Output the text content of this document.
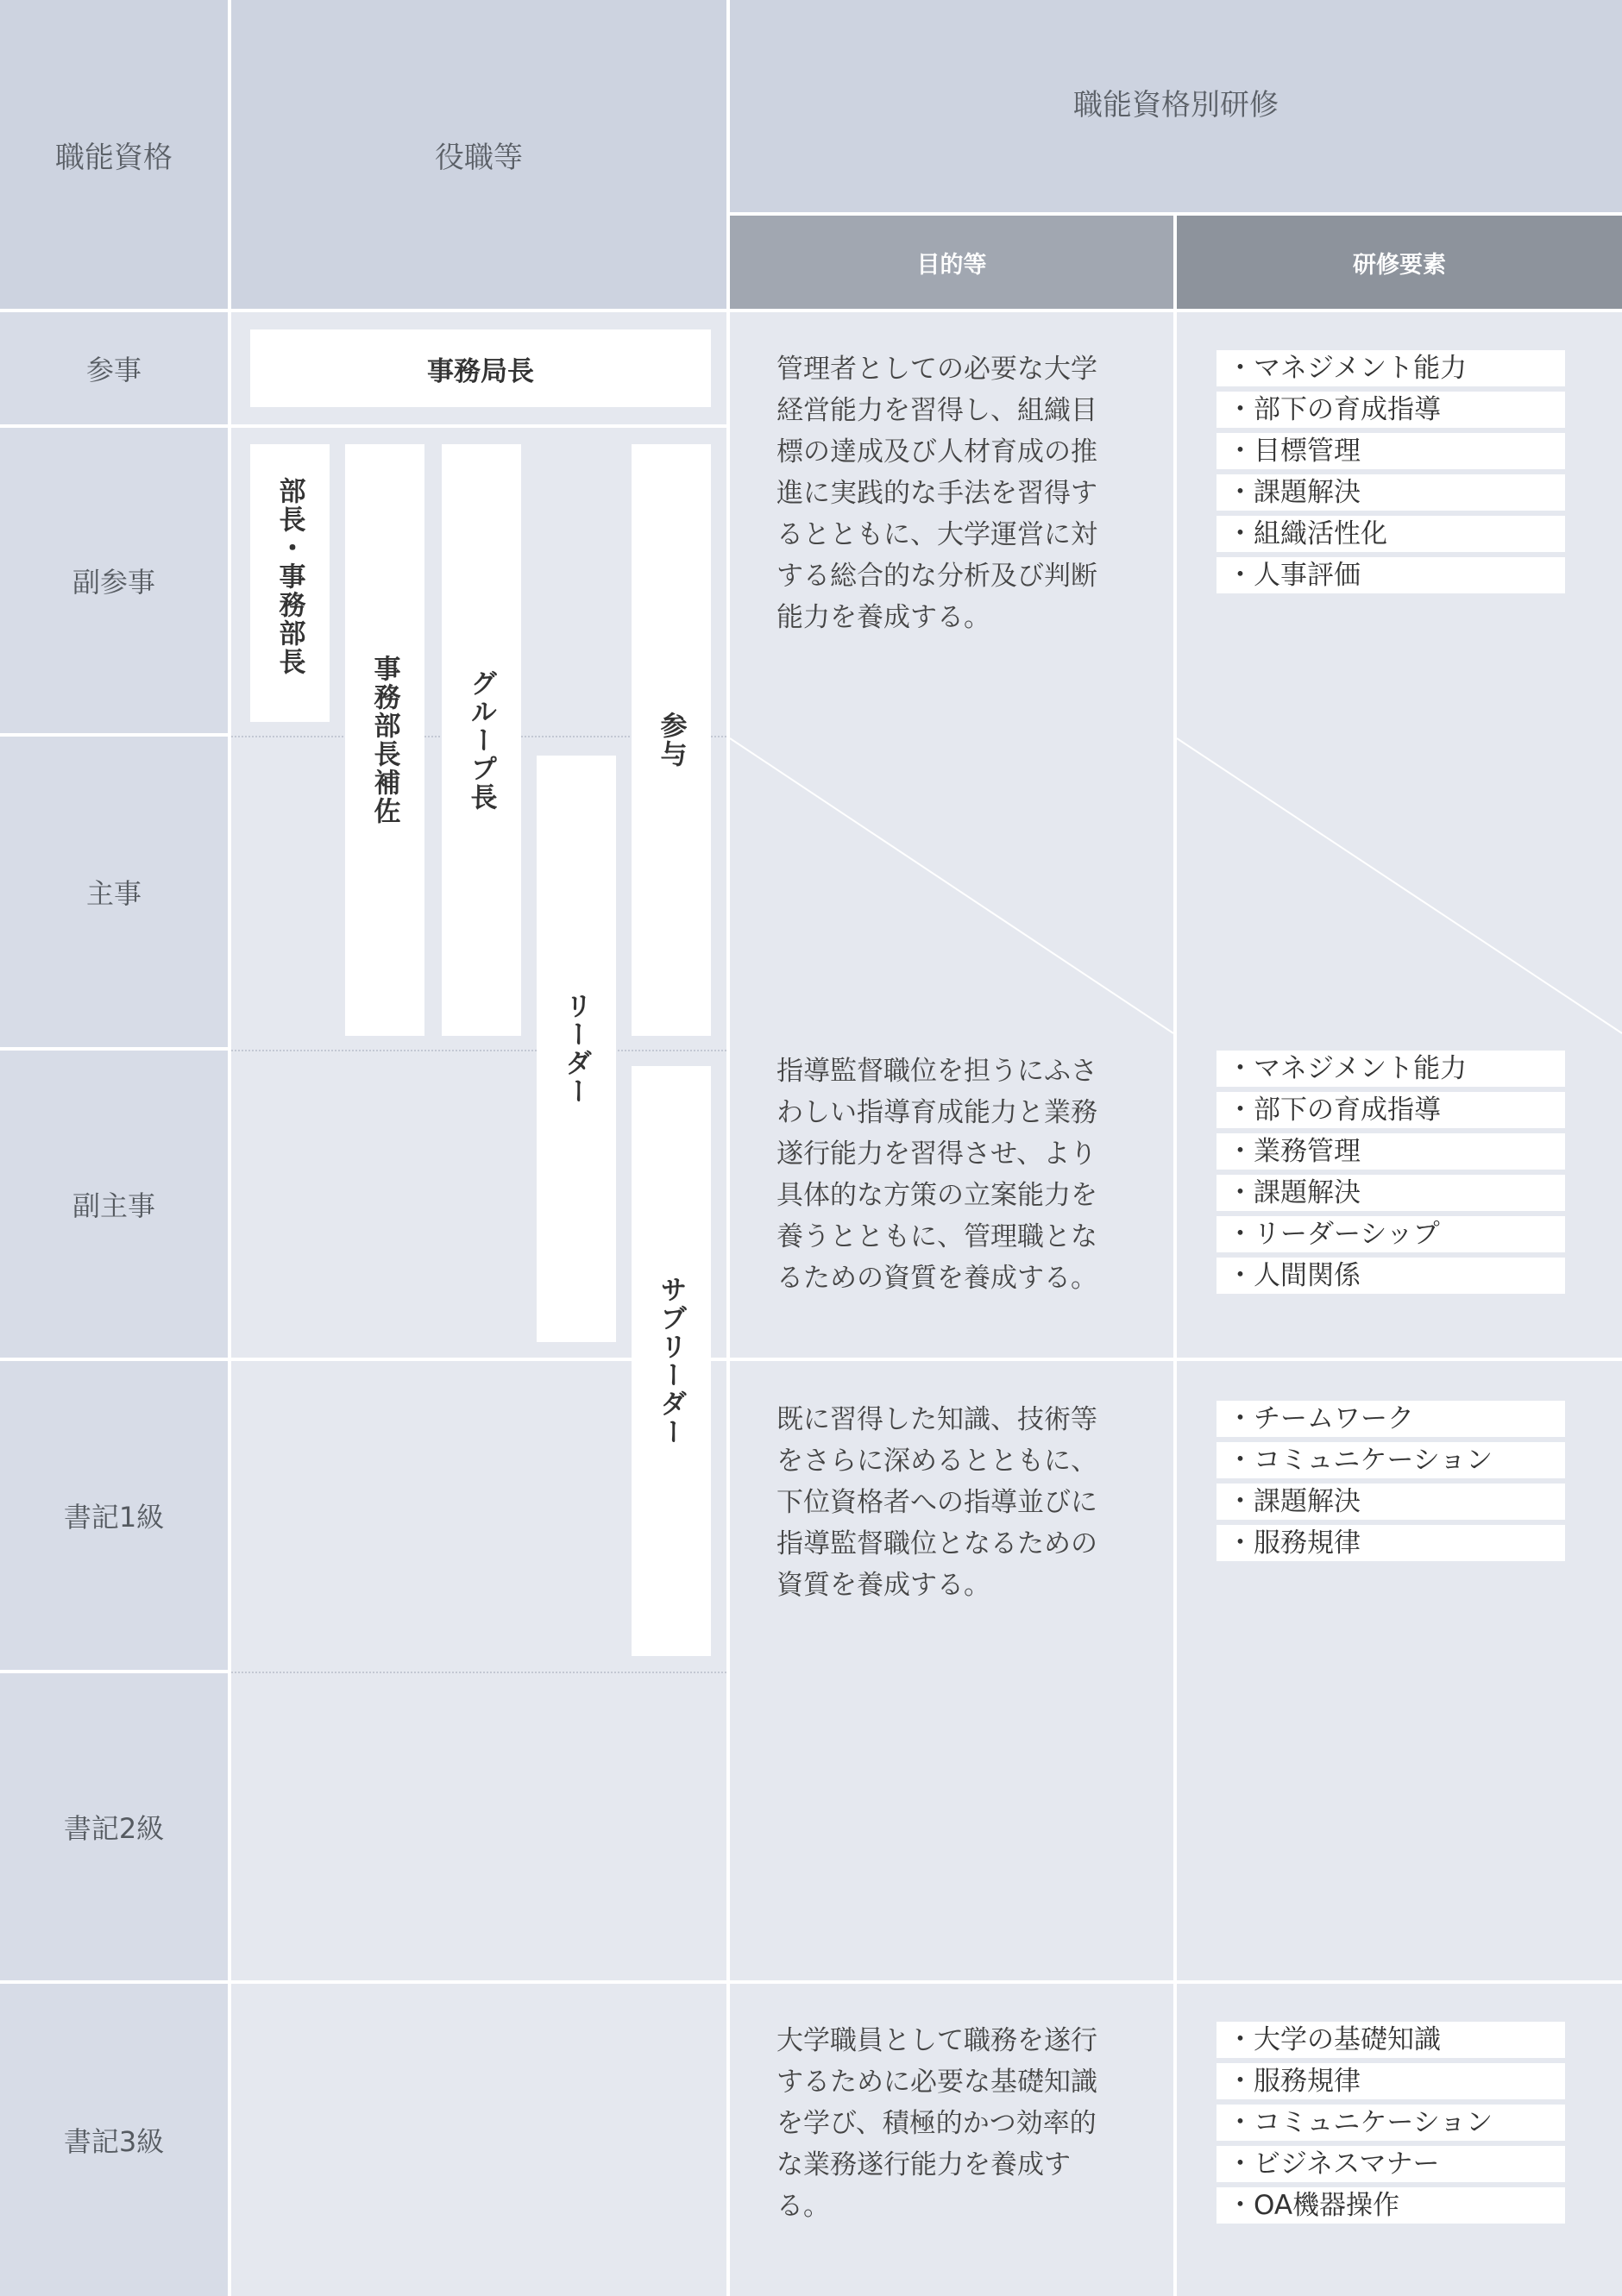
職能資格	役職等
職能資格別研修
目的等	研修要素
参事
副参事
主事
副主事
書記1級
書記2級
書記3級
事務局長
部長・事務部長
事務部長補佐 グループ長
リーダー
参与
サブリーダー
管理者としての必要な大学経営能力を習得し、組織目標の達成及び人材育成の推進に実践的な手法を習得するとともに、大学運営に対する総合的な分析及び判断能力を養成する。
・ マネジメント能力
・ 部下の育成指導
・ 目標管理
・ 課題解決
・ 組織活性化
・ 人事評価
指導監督職位を担うにふさわしい指導育成能力と業務遂行能力を習得させ、より具体的な方策の立案能力を養うとともに、管理職となるための資質を養成する。
・ マネジメント能力
・ 部下の育成指導
・ 業務管理
・ 課題解決
・ リーダーシップ
・ 人間関係
既に習得した知識、技術等をさらに深めるとともに、下位資格者への指導並びに指導監督職位となるための資質を養成する。
・ チームワーク
・ コミュニケーション
・ 課題解決
・ 服務規律
大学職員として職務を遂行するために必要な基礎知識を学び、積極的かつ効率的な業務遂行能力を養成する。
・ 大学の基礎知識
・ 服務規律
・ コミュニケーション
・ ビジネスマナー
・ OA機器操作
